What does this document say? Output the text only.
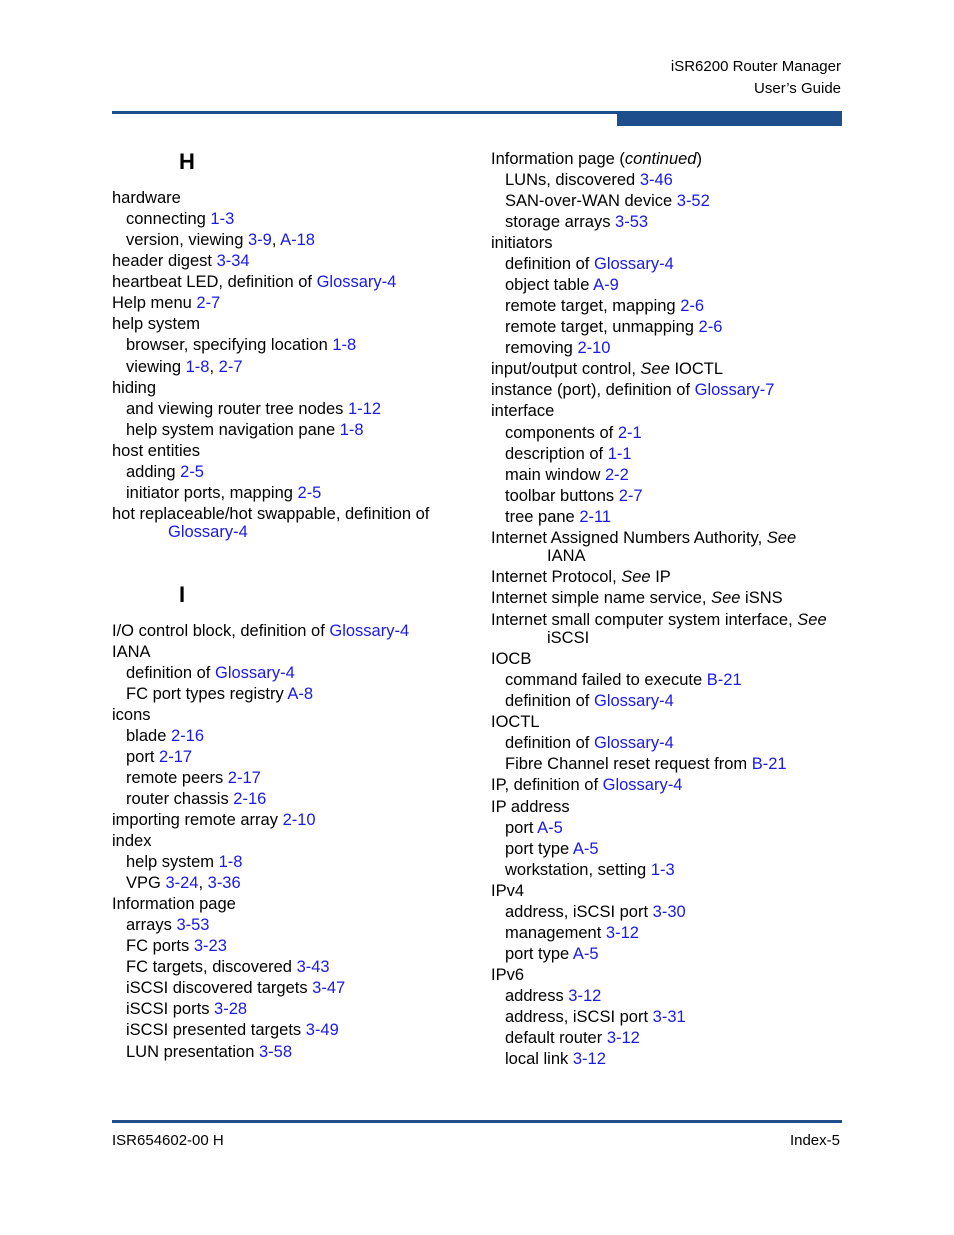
iSR6200 Router Manager
User’s Guide
H
I
hardware
connecting 1-3
version, viewing 3-9, A-18
header digest 3-34
heartbeat LED, definition of Glossary-4
Help menu 2-7
help system
browser, specifying location 1-8
viewing 1-8, 2-7
hiding
and viewing router tree nodes 1-12
help system navigation pane 1-8
host entities
adding 2-5
initiator ports, mapping 2-5
hot replaceable/hot swappable, definition of
Glossary-4
I/O control block, definition of Glossary-4
IANA
definition of Glossary-4
FC port types registry A-8
icons
blade 2-16
port 2-17
remote peers 2-17
router chassis 2-16
importing remote array 2-10
index
help system 1-8
VPG 3-24, 3-36
Information page
arrays 3-53
FC ports 3-23
FC targets, discovered 3-43
iSCSI discovered targets 3-47
iSCSI ports 3-28
iSCSI presented targets 3-49
LUN presentation 3-58
Information page (continued)
LUNs, discovered 3-46
SAN-over-WAN device 3-52
storage arrays 3-53
initiators
definition of Glossary-4
object table A-9
remote target, mapping 2-6
remote target, unmapping 2-6
removing 2-10
input/output control, See IOCTL
instance (port), definition of Glossary-7
interface
components of 2-1
description of 1-1
main window 2-2
toolbar buttons 2-7
tree pane 2-11
Internet Assigned Numbers Authority, See
IANA
Internet Protocol, See IP
Internet simple name service, See iSNS
Internet small computer system interface, See
iSCSI
IOCB
command failed to execute B-21
definition of Glossary-4
IOCTL
definition of Glossary-4
Fibre Channel reset request from B-21
IP, definition of Glossary-4
IP address
port A-5
port type A-5
workstation, setting 1-3
IPv4
address, iSCSI port 3-30
management 3-12
port type A-5
IPv6
address 3-12
address, iSCSI port 3-31
default router 3-12
local link 3-12
ISR654602-00 H	Index-5
